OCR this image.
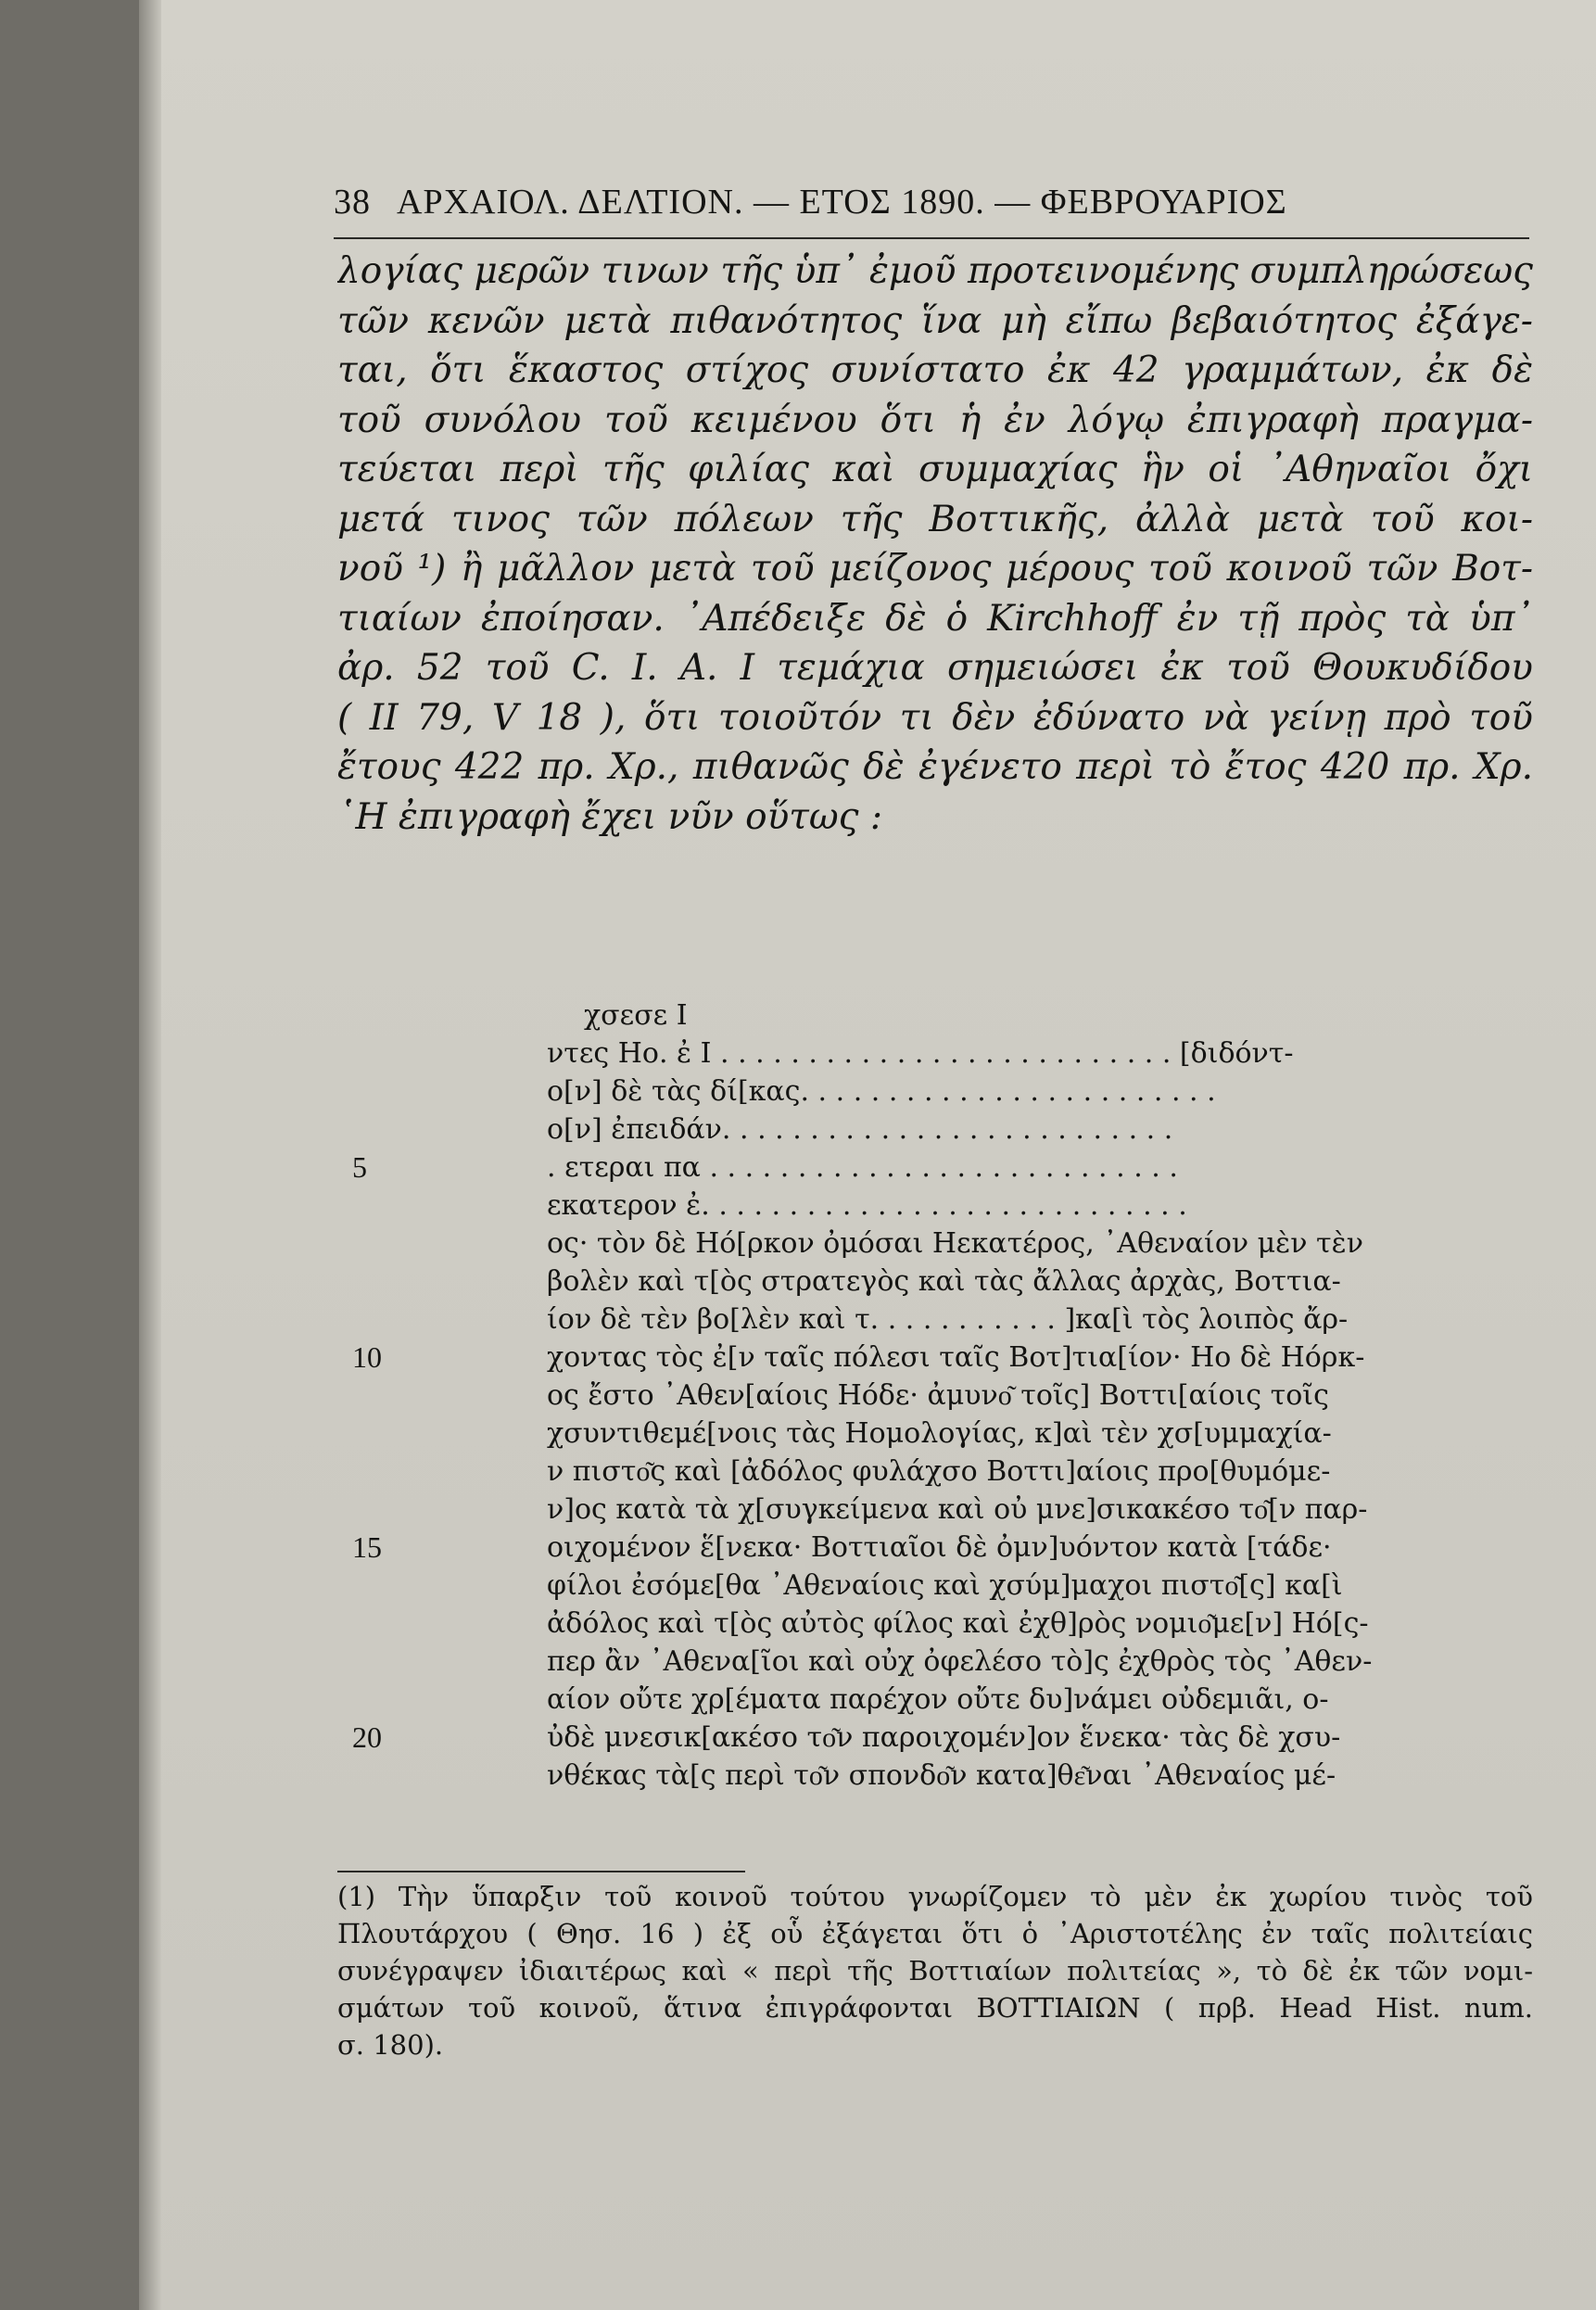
38 ΑΡΧΑΙΟΛ. ΔΕΛΤΙΟΝ. — ΕΤΟΣ 1890. — ΦΕΒΡΟΥΑΡΙΟΣ
λογίας μερῶν τινων τῆς ὑπ᾽ ἐμοῦ προτεινομένης συμπληρώσεως
τῶν κενῶν μετὰ πιθανότητος ἵνα μὴ εἴπω βεβαιότητος ἐξάγε-
ται, ὅτι ἕκαστος στίχος συνίστατο ἐκ 42 γραμμάτων, ἐκ δὲ
τοῦ συνόλου τοῦ κειμένου ὅτι ἡ ἐν λόγῳ ἐπιγραφὴ πραγμα-
τεύεται περὶ τῆς φιλίας καὶ συμμαχίας ἣν οἱ ᾿Αθηναῖοι ὄχι
μετά τινος τῶν πόλεων τῆς Βοττικῆς, ἀλλὰ μετὰ τοῦ κοι-
νοῦ ¹) ἢ μᾶλλον μετὰ τοῦ μείζονος μέρους τοῦ κοινοῦ τῶν Βοτ-
τιαίων ἐποίησαν. ᾿Απέδειξε δὲ ὁ Kirchhoff ἐν τῇ πρὸς τὰ ὑπ᾽
ἀρ. 52 τοῦ C. I. A. I τεμάχια σημειώσει ἐκ τοῦ Θουκυδίδου
( II 79, V 18 ), ὅτι τοιοῦτόν τι δὲν ἐδύνατο νὰ γείνῃ πρὸ τοῦ
ἔτους 422 πρ. Χρ., πιθανῶς δὲ ἐγένετο περὶ τὸ ἔτος 420 πρ. Χρ.
῾Η ἐπιγραφὴ ἔχει νῦν οὕτως :
χσεσε Ι
ντες Ηο. ἐ Ι . . . . . . . . . . . . . . . . . . . . . . . . . . [διδόντ-
ο[ν] δὲ τὰς δί[κας. . . . . . . . . . . . . . . . . . . . . . . .
ο[ν] ἐπειδάν. . . . . . . . . . . . . . . . . . . . . . . . . .
5	. ετεραι πα . . . . . . . . . . . . . . . . . . . . . . . . . . .
εκατερον ἐ. . . . . . . . . . . . . . . . . . . . . . . . . . . .
ος· τὸν δὲ Hό[ρκον ὀμόσαι Ηεκατέρος, ᾿Αθεναίον μὲν τὲν
βολὲν καὶ τ[ὸς στρατεγὸς καὶ τὰς ἄλλας ἀρχὰς, Βοττια-
ίον δὲ τὲν βο[λὲν καὶ τ. . . . . . . . . . . ]κα[ὶ τὸς λοιπὸς ἄρ-
10	χοντας τὸς ἐ[ν ταῖς πόλεσι ταῖς Βοτ]τια[ίον· Ηο δὲ Hόρκ-
ος ἔστο ᾿Αθεν[αίοις Hόδε· ἀμυνο͂ τοῖς] Βοττι[αίοις τοῖς
χσυντιθεμέ[νοις τὰς Ηομολογίας, κ]αὶ τὲν χσ[υμμαχία-
ν πιστο͂ς καὶ [ἀδόλος φυλάχσο Βοττι]αίοις προ[θυμόμε-
ν]ος κατὰ τὰ χ[συγκείμενα καὶ οὐ μνε]σικακέσο το͂[ν παρ-
15	οιχομένον ἕ[νεκα· Βοττιαῖοι δὲ ὀμν]υόντον κατὰ [τάδε·
φίλοι ἐσόμε[θα ᾿Αθεναίοις καὶ χσύμ]μαχοι πιστο͂[ς] κα[ὶ
ἀδόλος καὶ τ[ὸς αὐτὸς φίλος καὶ ἐχθ]ρὸς νομιο͂με[ν] Hό[ς-
περ ἂν ᾿Αθενα[ῖοι καὶ οὐχ ὀφελέσο τὸ]ς ἐχθρὸς τὸς ᾿Αθεν-
αίον οὔτε χρ[έματα παρέχον οὔτε δυ]νάμει οὐδεμιᾶι, ο-
20	ὐδὲ μνεσικ[ακέσο το͂ν παροιχομέν]ον ἕνεκα· τὰς δὲ χσυ-
νθέκας τὰ[ς περὶ το͂ν σπονδο͂ν κατα]θε͂ναι ᾿Αθεναίος μέ-
(1) Τὴν ὕπαρξιν τοῦ κοινοῦ τούτου γνωρίζομεν τὸ μὲν ἐκ χωρίου τινὸς τοῦ
Πλουτάρχου ( Θησ. 16 ) ἐξ οὗ ἐξάγεται ὅτι ὁ ᾿Αριστοτέλης ἐν ταῖς πολιτείαις
συνέγραψεν ἰδιαιτέρως καὶ « περὶ τῆς Βοττιαίων πολιτείας », τὸ δὲ ἐκ τῶν νομι-
σμάτων τοῦ κοινοῦ, ἅτινα ἐπιγράφονται ΒΟΤΤΙΑΙΩΝ ( πρβ. Head Hist. num.
σ. 180).
